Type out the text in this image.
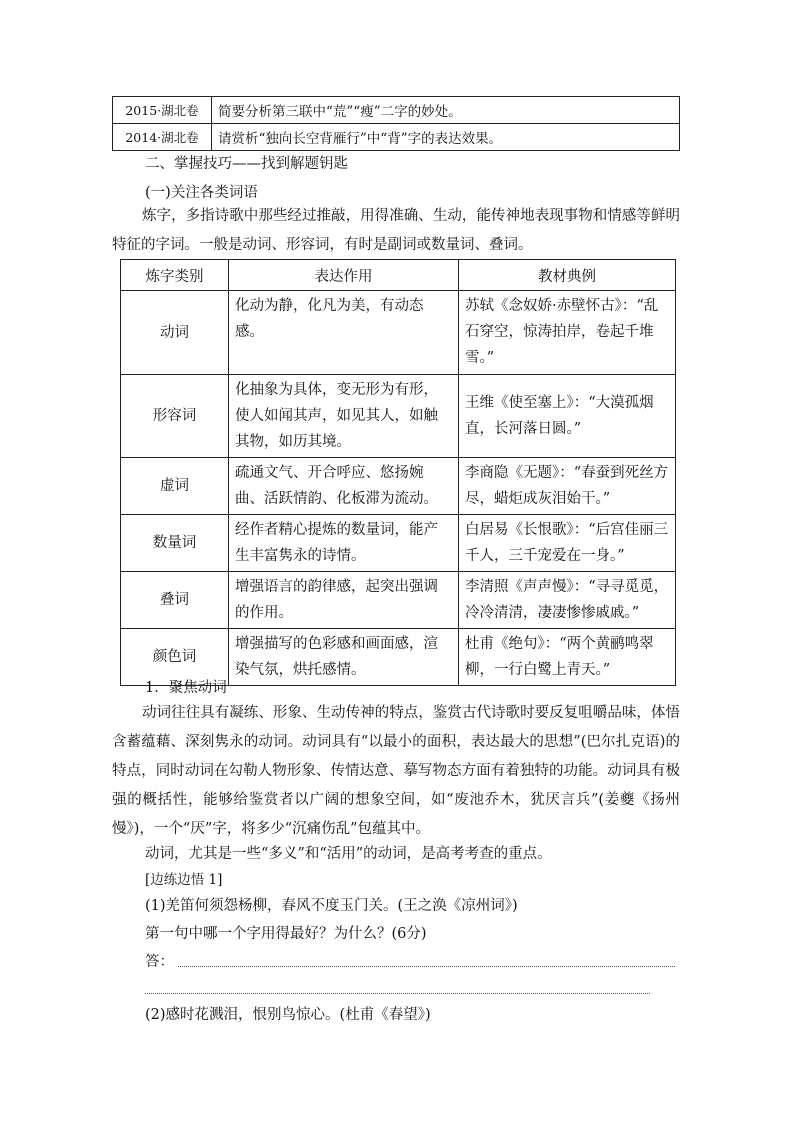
2015·湖北卷	简要分析第三联中“荒”“瘦”二字的妙处。
2014·湖北卷	请赏析“独向长空背雁行”中“背”字的表达效果。
二、掌握技巧——找到解题钥匙
(一)关注各类词语
炼字，多指诗歌中那些经过推敲，用得准确、生动，能传神地表现事物和情感等鲜明特征的字词。一般是动词、形容词，有时是副词或数量词、叠词。
炼字类别	表达作用	教材典例
动词	化动为静，化凡为美，有动态感。	苏轼《念奴娇·赤壁怀古》：“乱石穿空，惊涛拍岸，卷起千堆雪。”
形容词	化抽象为具体，变无形为有形，使人如闻其声，如见其人，如触其物，如历其境。	王维《使至塞上》：“大漠孤烟直，长河落日圆。”
虚词	疏通文气、开合呼应、悠扬婉曲、活跃情韵、化板滞为流动。	李商隐《无题》：“春蚕到死丝方尽，蜡炬成灰泪始干。”
数量词	经作者精心提炼的数量词，能产生丰富隽永的诗情。	白居易《长恨歌》：“后宫佳丽三千人，三千宠爱在一身。”
叠词	增强语言的韵律感，起突出强调的作用。	李清照《声声慢》：“寻寻觅觅，冷冷清清，凄凄惨惨戚戚。”
颜色词	增强描写的色彩感和画面感，渲染气氛，烘托感情。	杜甫《绝句》：“两个黄鹂鸣翠柳，一行白鹭上青天。”
1．聚焦动词
动词往往具有凝练、形象、生动传神的特点，鉴赏古代诗歌时要反复咀嚼品味，体悟含蓄蕴藉、深刻隽永的动词。动词具有“以最小的面积，表达最大的思想”(巴尔扎克语)的特点，同时动词在勾勒人物形象、传情达意、摹写物态方面有着独特的功能。动词具有极强的概括性，能够给鉴赏者以广阔的想象空间，如“废池乔木，犹厌言兵”(姜夔《扬州慢》)，一个“厌”字，将多少“沉痛伤乱”包蕴其中。
动词，尤其是一些“多义”和“活用”的动词，是高考考查的重点。
[边练边悟 1]
(1)羌笛何须怨杨柳，春风不度玉门关。(王之涣《凉州词》)
第一句中哪一个字用得最好？为什么？(6分)
答：
(2)感时花溅泪，恨别鸟惊心。(杜甫《春望》)
